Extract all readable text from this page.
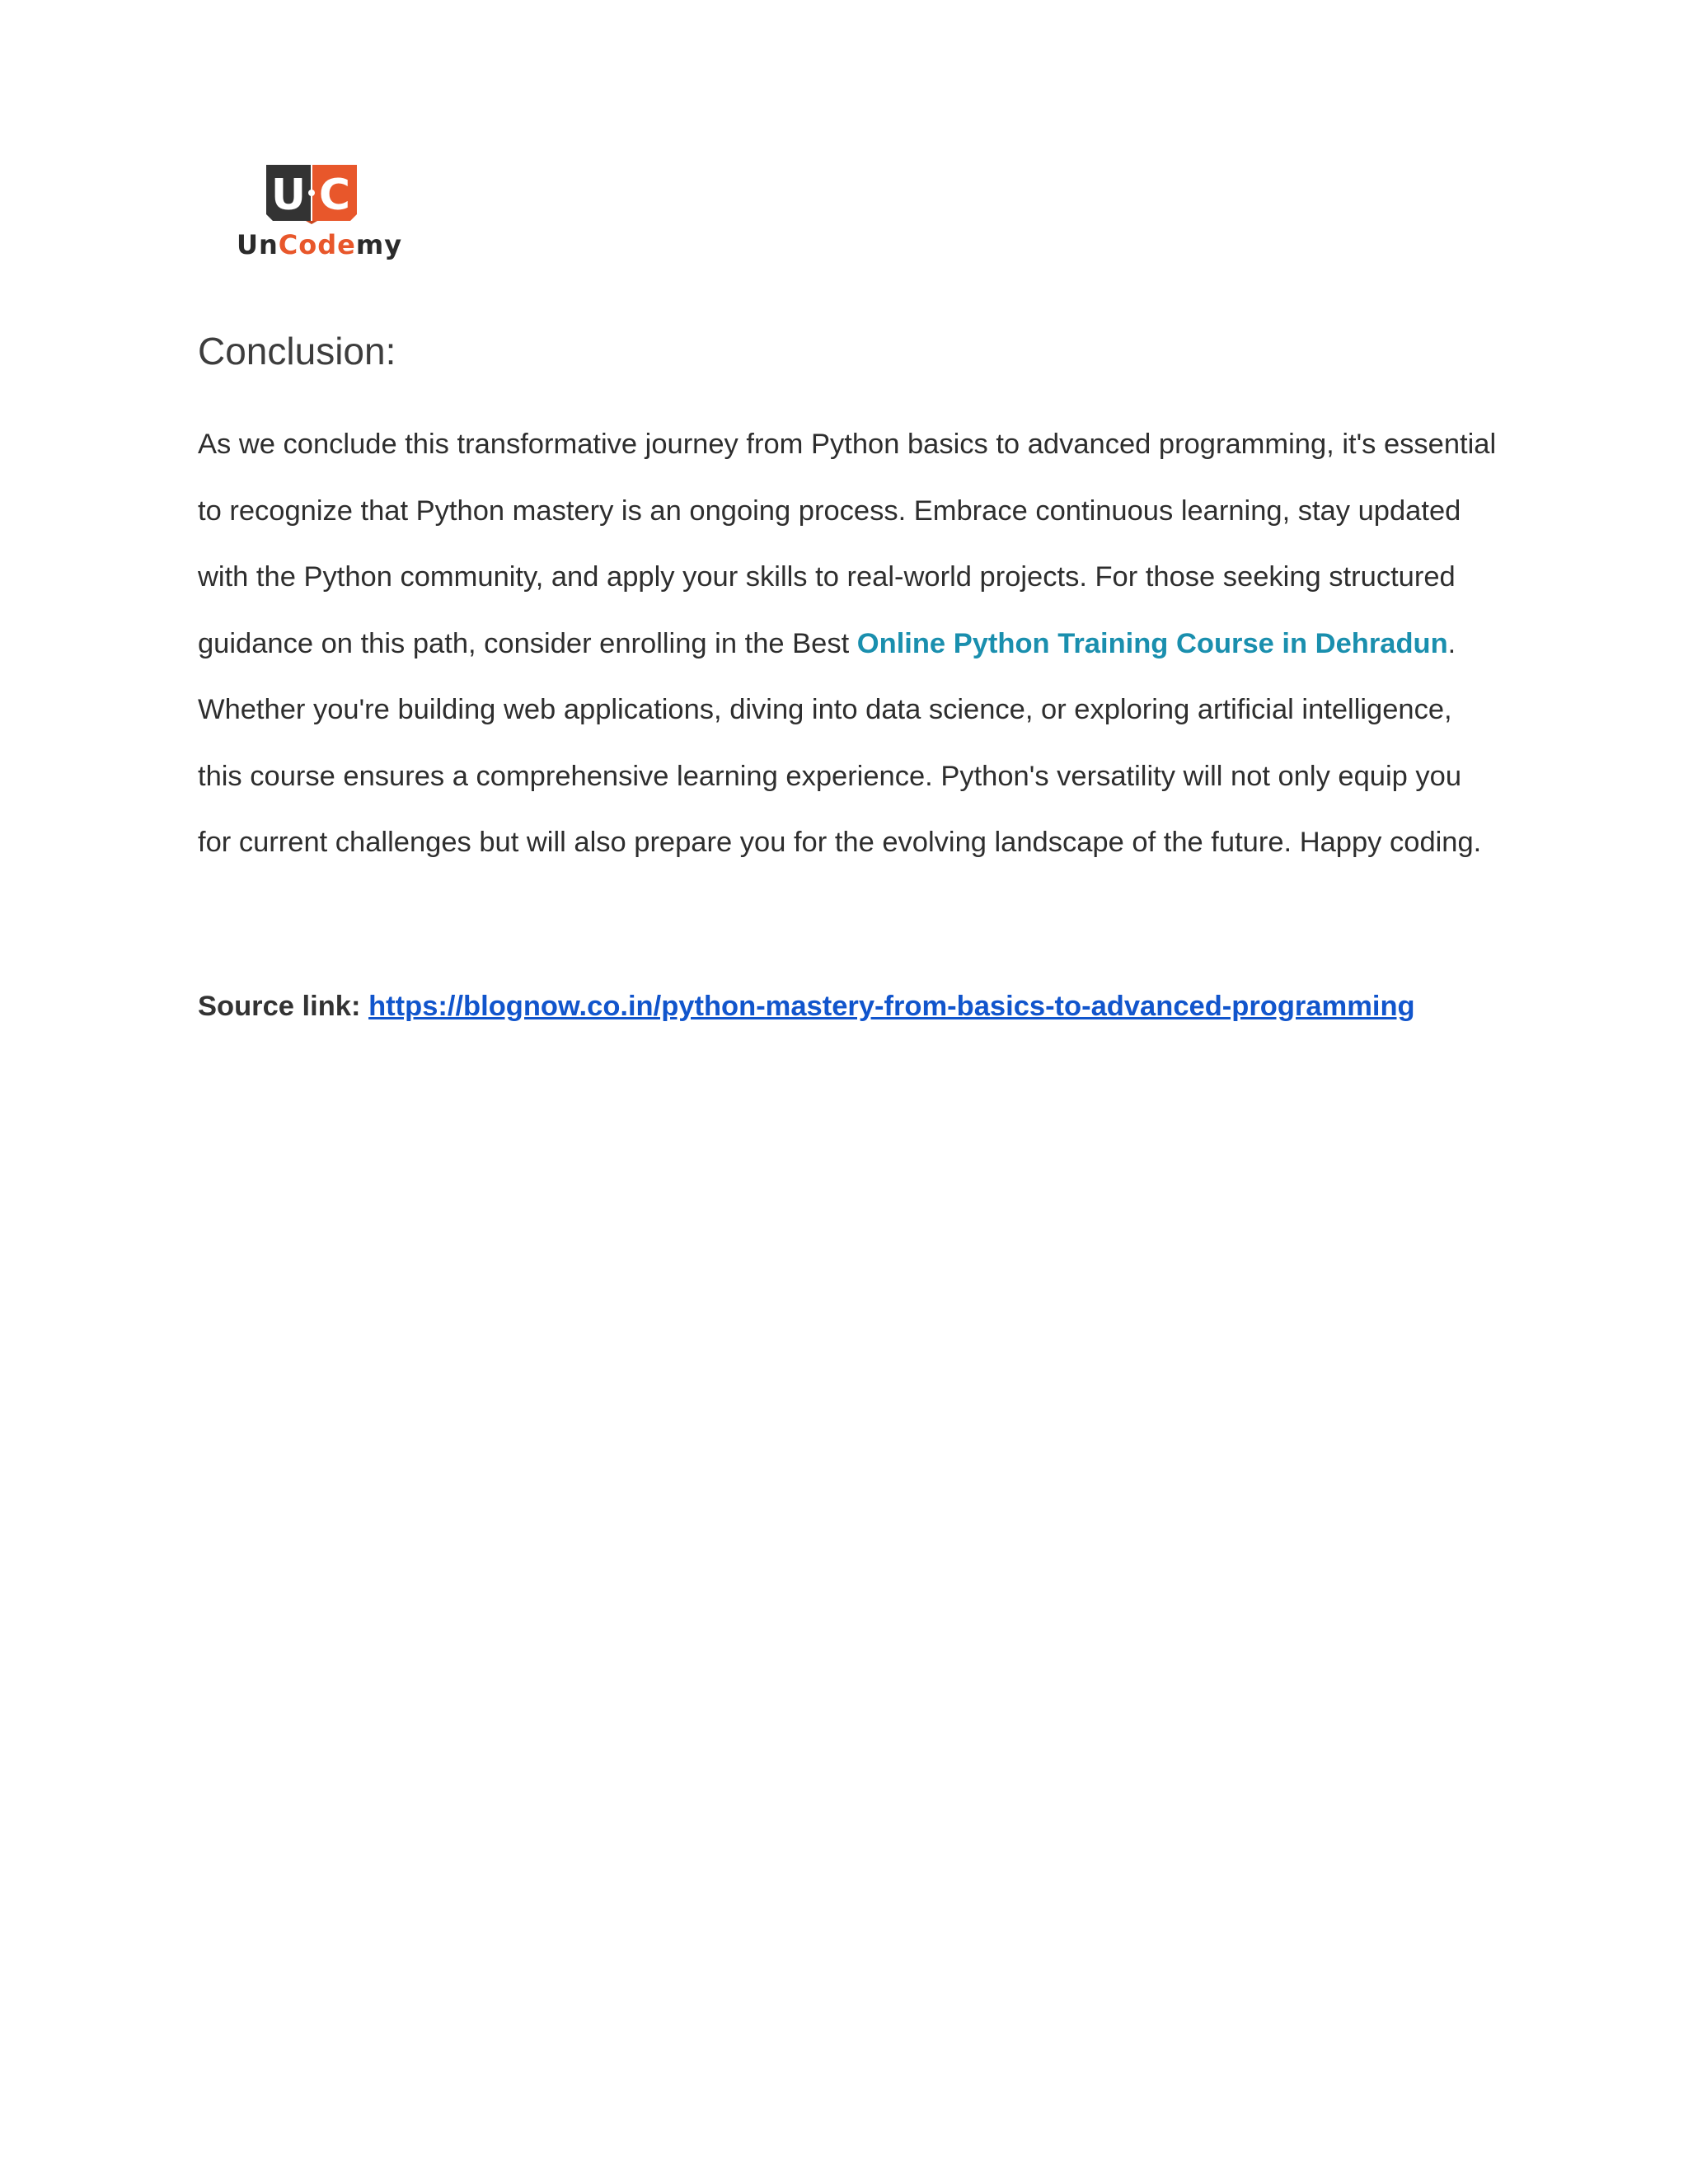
U C
UnCodemy
Conclusion:

As we conclude this transformative journey from Python basics to advanced programming, it's essential to recognize that Python mastery is an ongoing process. Embrace continuous learning, stay updated with the Python community, and apply your skills to real-world projects. For those seeking structured guidance on this path, consider enrolling in the Best Online Python Training Course in Dehradun. Whether you're building web applications, diving into data science, or exploring artificial intelligence, this course ensures a comprehensive learning experience. Python's versatility will not only equip you for current challenges but will also prepare you for the evolving landscape of the future. Happy coding.

Source link: https://blognow.co.in/python-mastery-from-basics-to-advanced-programming
